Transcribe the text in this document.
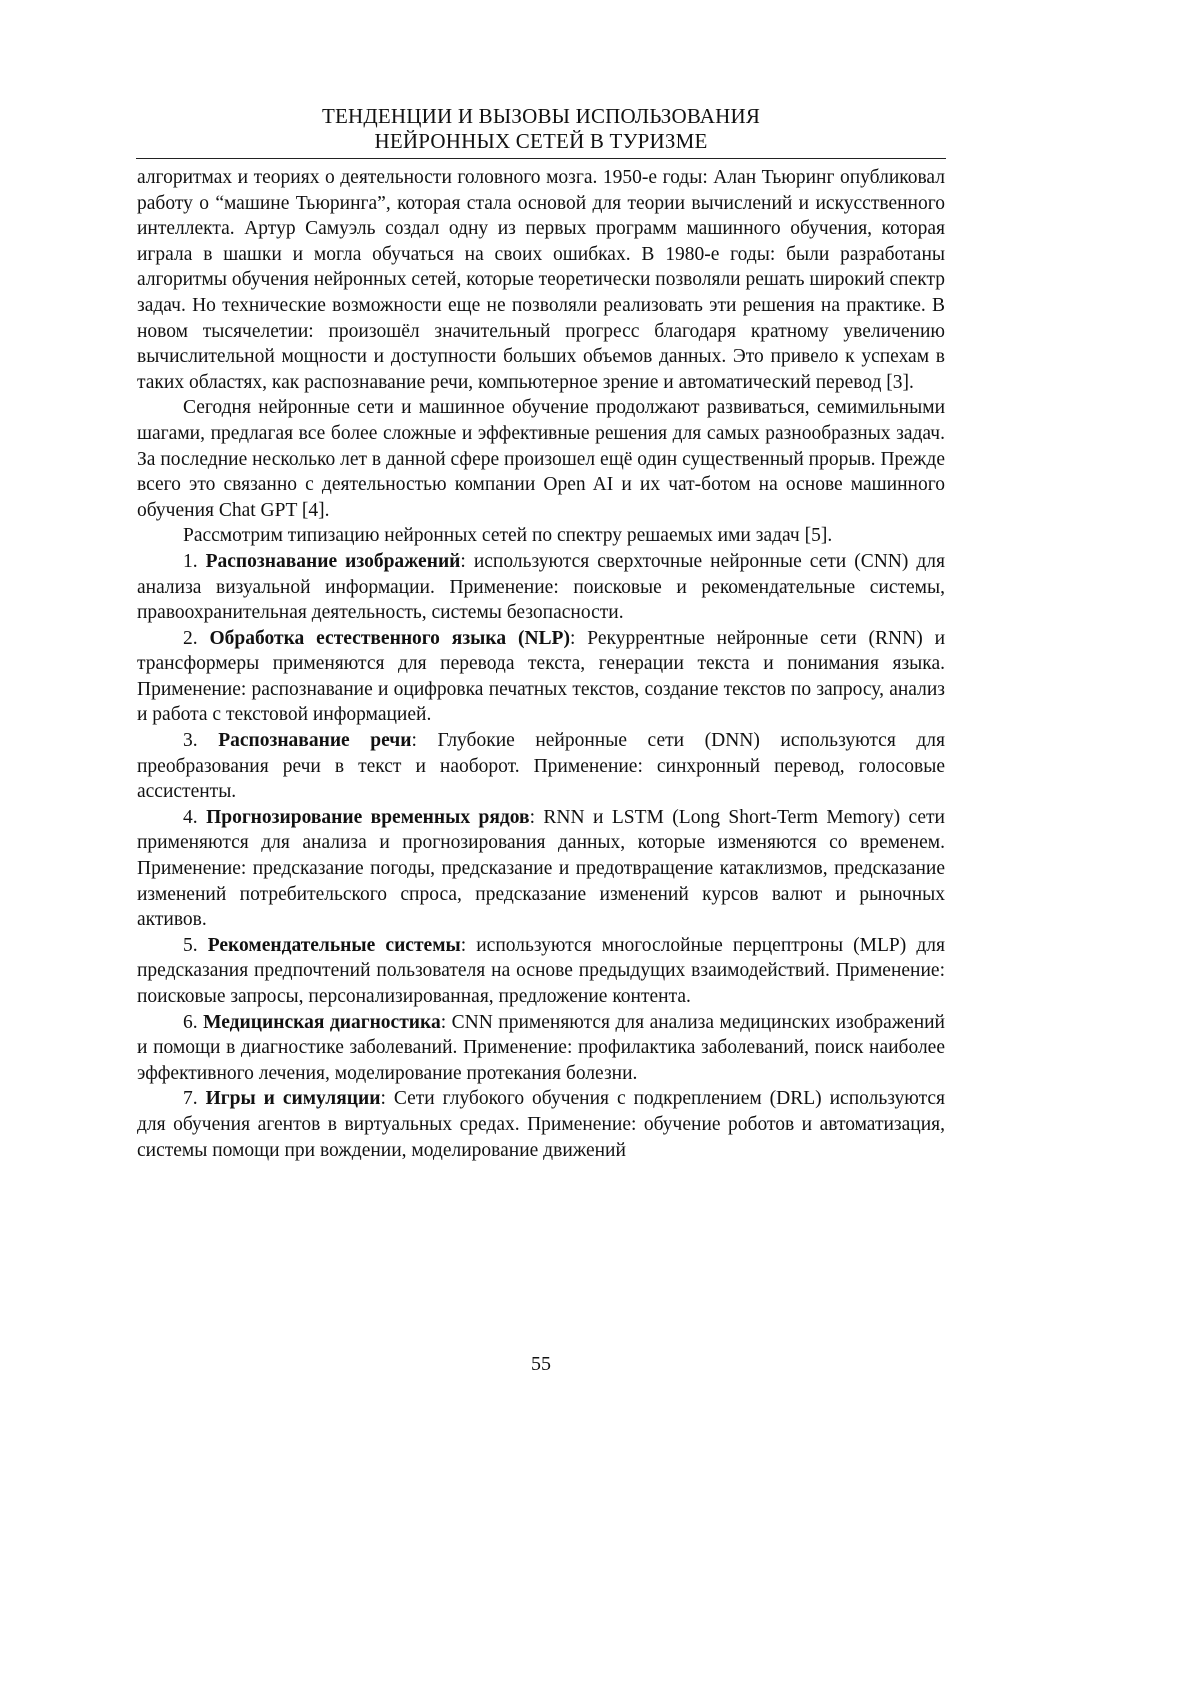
ТЕНДЕНЦИИ И ВЫЗОВЫ ИСПОЛЬЗОВАНИЯ
НЕЙРОННЫХ СЕТЕЙ В ТУРИЗМЕ

алгоритмах и теориях о деятельности головного мозга. 1950-е годы: Алан Тьюринг опубликовал работу о “машине Тьюринга”, которая стала основой для теории вычислений и искусственного интеллекта. Артур Самуэль создал одну из первых программ машинного обучения, которая играла в шашки и могла обучаться на своих ошибках. В 1980-е годы: были разработаны алгоритмы обучения нейронных сетей, которые теоретически позволяли решать широкий спектр задач. Но технические возможности еще не позволяли реализовать эти решения на практике. В новом тысячелетии: произошёл значительный прогресс благодаря кратному увеличению вычислительной мощности и доступности больших объемов данных. Это привело к успехам в таких областях, как распознавание речи, компьютерное зрение и автоматический перевод [3].

Сегодня нейронные сети и машинное обучение продолжают развиваться, семимильными шагами, предлагая все более сложные и эффективные решения для самых разнообразных задач. За последние несколько лет в данной сфере произошел ещё один существенный прорыв. Прежде всего это связанно с деятельностью компании Open AI и их чат-ботом на основе машинного обучения Chat GPT [4].

Рассмотрим типизацию нейронных сетей по спектру решаемых ими задач [5].

1. Распознавание изображений: используются сверхточные нейронные сети (CNN) для анализа визуальной информации. Применение: поисковые и рекомендательные системы, правоохранительная деятельность, системы безопасности.

2. Обработка естественного языка (NLP): Рекуррентные нейронные сети (RNN) и трансформеры применяются для перевода текста, генерации текста и понимания языка. Применение: распознавание и оцифровка печатных текстов, создание текстов по запросу, анализ и работа с текстовой информацией.

3. Распознавание речи: Глубокие нейронные сети (DNN) используются для преобразования речи в текст и наоборот. Применение: синхронный перевод, голосовые ассистенты.

4. Прогнозирование временных рядов: RNN и LSTM (Long Short-Term Memory) сети применяются для анализа и прогнозирования данных, которые изменяются со временем. Применение: предсказание погоды, предсказание и предотвращение катаклизмов, предсказание изменений потребительского спроса, предсказание изменений курсов валют и рыночных активов.

5. Рекомендательные системы: используются многослойные перцептроны (MLP) для предсказания предпочтений пользователя на основе предыдущих взаимодействий. Применение: поисковые запросы, персонализированная, предложение контента.

6. Медицинская диагностика: CNN применяются для анализа медицинских изображений и помощи в диагностике заболеваний. Применение: профилактика заболеваний, поиск наиболее эффективного лечения, моделирование протекания болезни.

7. Игры и симуляции: Сети глубокого обучения с подкреплением (DRL) используются для обучения агентов в виртуальных средах. Применение: обучение роботов и автоматизация, системы помощи при вождении, моделирование движений

55
